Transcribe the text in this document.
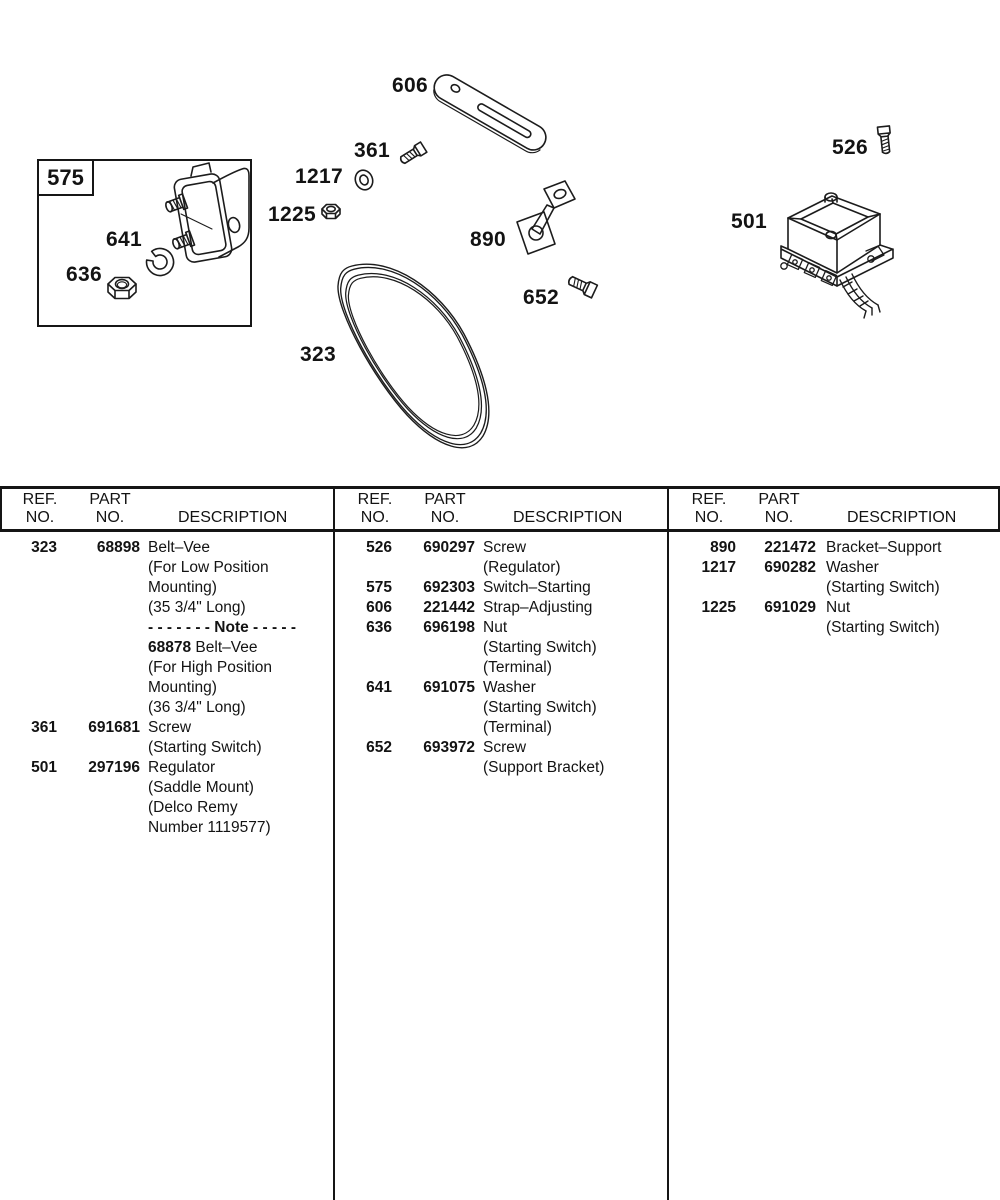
575
606
361
1217
1225
890
652
323
526
501
641
636
REF.
NO.
PART
NO.	DESCRIPTION
323	68898 Belt–Vee
(For Low Position
Mounting)
(35 3/4" Long)
- - - - - - - Note - - - - -
68878 Belt–Vee
(For High Position
Mounting)
(36 3/4" Long)
361	691681 Screw
(Starting Switch)
501	297196 Regulator
(Saddle Mount)
(Delco Remy
Number 1119577)
REF.
NO.
PART
NO.	DESCRIPTION
526	690297 Screw
(Regulator)
575	692303 Switch–Starting
606	221442 Strap–Adjusting
636	696198 Nut
(Starting Switch)
(Terminal)
641	691075 Washer
(Starting Switch)
(Terminal)
652	693972 Screw
(Support Bracket)
REF.
NO.
PART
NO.	DESCRIPTION
890	221472 Bracket–Support
1217	690282 Washer
(Starting Switch)
1225	691029 Nut
(Starting Switch)
